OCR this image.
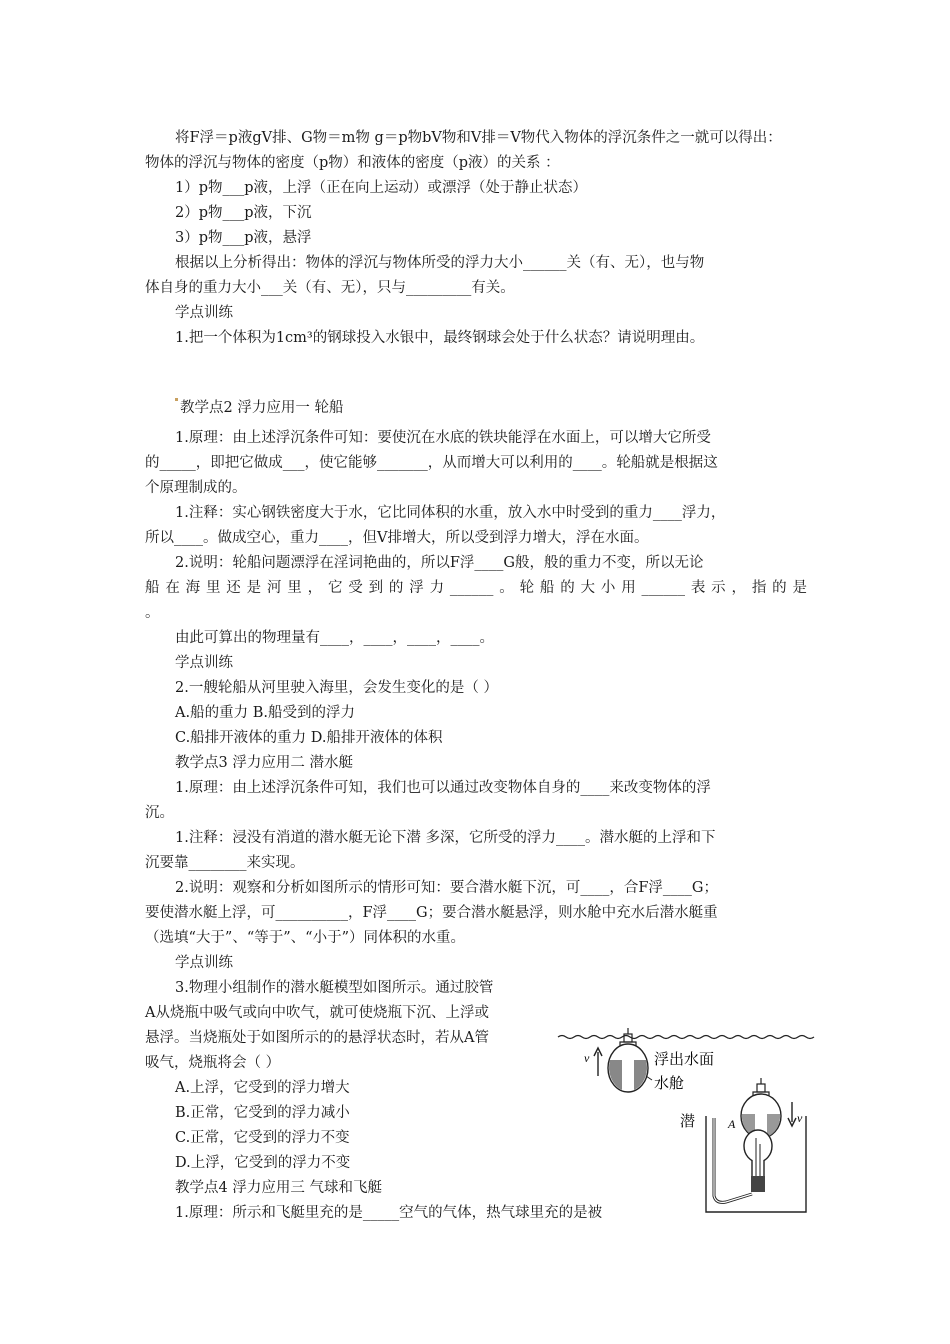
将F浮＝p液gV排、G物＝m物 g＝p物bV物和V排＝V物代入物体的浮沉条件之一就可以得出：
物体的浮沉与物体的密度（p物）和液体的密度（p液）的关系 ：
1）p物___p液，上浮（正在向上运动）或漂浮（处于静止状态）
2）p物___p液，下沉
3）p物___p液，悬浮
根据以上分析得出：物体的浮沉与物体所受的浮力大小______关（有、无），也与物
体自身的重力大小___关（有、无），只与_________有关。
学点训练
1.把一个体积为1cm³的钢球投入水银中，最终钢球会处于什么状态？请说明理由。
教学点2 浮力应用一 轮船
1.原理：由上述浮沉条件可知：要使沉在水底的铁块能浮在水面上，可以增大它所受
的_____，即把它做成___，使它能够_______，从而增大可以利用的____。轮船就是根据这
个原理制成的。
1.注释：实心钢铁密度大于水，它比同体积的水重，放入水中时受到的重力____浮力，
所以____。做成空心，重力____，但V排增大，所以受到浮力增大，浮在水面。
2.说明：轮船问题漂浮在淫词艳曲的，所以F浮____G般，般的重力不变，所以无论
船在海里还是河里，它受到的浮力______。轮船的大小用______表示，指的是
。
由此可算出的物理量有____，____，____，____。
学点训练
2.一艘轮船从河里驶入海里，会发生变化的是（ ）
A.船的重力 B.船受到的浮力
C.船排开液体的重力 D.船排开液体的体积
教学点3 浮力应用二 潜水艇
1.原理：由上述浮沉条件可知，我们也可以通过改变物体自身的____来改变物体的浮
沉。
1.注释：浸没有消道的潜水艇无论下潜 多深，它所受的浮力____。潜水艇的上浮和下
沉要靠________来实现。
2.说明：观察和分析如图所示的情形可知：要合潜水艇下沉，可____，合F浮____G；
要使潜水艇上浮，可__________，F浮____G；要合潜水艇悬浮，则水舱中充水后潜水艇重
（选填“大于”、“等于”、“小于”）同体积的水重。
学点训练
3.物理小组制作的潜水艇模型如图所示。通过胶管
A从烧瓶中吸气或向中吹气，就可使烧瓶下沉、上浮或
悬浮。当烧瓶处于如图所示的的悬浮状态时，若从A管
吸气，烧瓶将会（ ）
A.上浮，它受到的浮力增大
B.正常，它受到的浮力减小
C.正常，它受到的浮力不变
D.上浮，它受到的浮力不变
教学点4 浮力应用三 气球和飞艇
1.原理：所示和飞艇里充的是_____空气的气体，热气球里充的是被
v	浮出水面
水舱
v
潜	A
